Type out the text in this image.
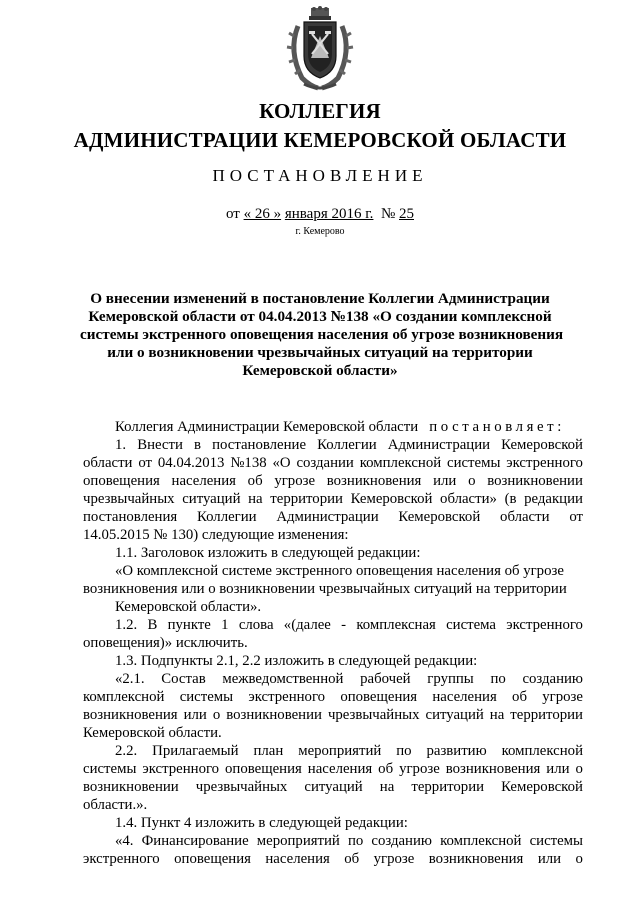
КОЛЛЕГИЯ
АДМИНИСТРАЦИИ КЕМЕРОВСКОЙ ОБЛАСТИ
ПОСТАНОВЛЕНИЕ
от « 26 » января 2016 г. № 25
г. Кемерово
О внесении изменений в постановление Коллегии Администрации
Кемеровской области от 04.04.2013 №138 «О создании комплексной
системы экстренного оповещения населения об угрозе возникновения
или о возникновении чрезвычайных ситуаций на территории
Кемеровской области»
Коллегия Администрации Кемеровской области постановляет:
1. Внести в постановление Коллегии Администрации Кемеровской
области от 04.04.2013 №138 «О создании комплексной системы экстренного
оповещения населения об угрозе возникновения или о возникновении
чрезвычайных ситуаций на территории Кемеровской области» (в редакции
постановления Коллегии Администрации Кемеровской области от
14.05.2015 № 130) следующие изменения:
1.1. Заголовок изложить в следующей редакции:
«О комплексной системе экстренного оповещения населения об угрозе
возникновения или о возникновении чрезвычайных ситуаций на территории
Кемеровской области».
1.2. В пункте 1 слова «(далее - комплексная система экстренного
оповещения)» исключить.
1.3. Подпункты 2.1, 2.2 изложить в следующей редакции:
«2.1. Состав межведомственной рабочей группы по созданию
комплексной системы экстренного оповещения населения об угрозе
возникновения или о возникновении чрезвычайных ситуаций на территории
Кемеровской области.
2.2. Прилагаемый план мероприятий по развитию комплексной
системы экстренного оповещения населения об угрозе возникновения или о
возникновении чрезвычайных ситуаций на территории Кемеровской
области.».
1.4. Пункт 4 изложить в следующей редакции:
«4. Финансирование мероприятий по созданию комплексной системы
экстренного оповещения населения об угрозе возникновения или о
